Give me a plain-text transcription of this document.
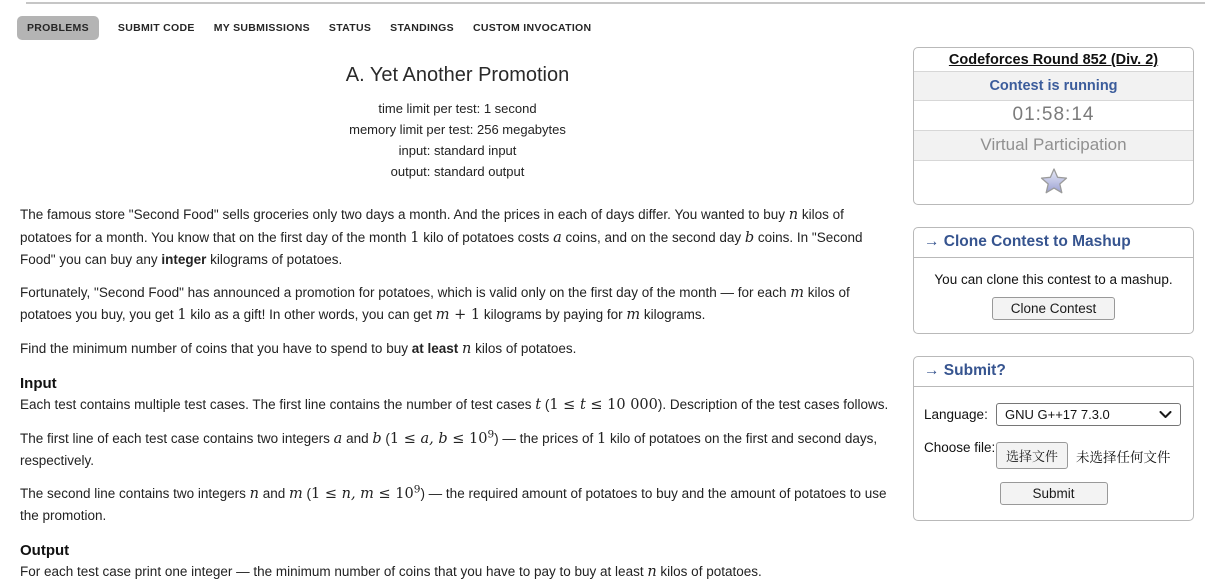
PROBLEMS	SUBMIT CODE MY SUBMISSIONS STATUS STANDINGS CUSTOM INVOCATION
A. Yet Another Promotion
time limit per test: 1 second
memory limit per test: 256 megabytes
input: standard input
output: standard output

The famous store "Second Food" sells groceries only two days a month. And the prices in each of days differ. You wanted to buy n kilos of potatoes for a month. You know that on the first day of the month 1 kilo of potatoes costs a coins, and on the second day b coins. In "Second Food" you can buy any integer kilograms of potatoes.

Fortunately, "Second Food" has announced a promotion for potatoes, which is valid only on the first day of the month — for each m kilos of potatoes you buy, you get 1 kilo as a gift! In other words, you can get m + 1 kilograms by paying for m kilograms.

Find the minimum number of coins that you have to spend to buy at least n kilos of potatoes.

Input

Each test contains multiple test cases. The first line contains the number of test cases t (1 ≤ t ≤ 10 000). Description of the test cases follows.

The first line of each test case contains two integers a and b (1 ≤ a, $b \le 10^9$) — the prices of 1 kilo of potatoes on the first and second days, respectively.

The second line contains two integers n and m (1 ≤ n, $m \le 10^9$) — the required amount of potatoes to buy and the amount of potatoes to use the promotion.

Output

For each test case print one integer — the minimum number of coins that you have to pay to buy at least n kilos of potatoes.

Codeforces Round 852 (Div. 2)
Contest is running
01:58:14
Virtual Participation
→ Clone Contest to Mashup
You can clone this contest to a mashup.
Clone Contest
→ Submit?
Language:	GNU G++17 7.3.0
Choose file:
选择文件	未选择任何文件
Submit
